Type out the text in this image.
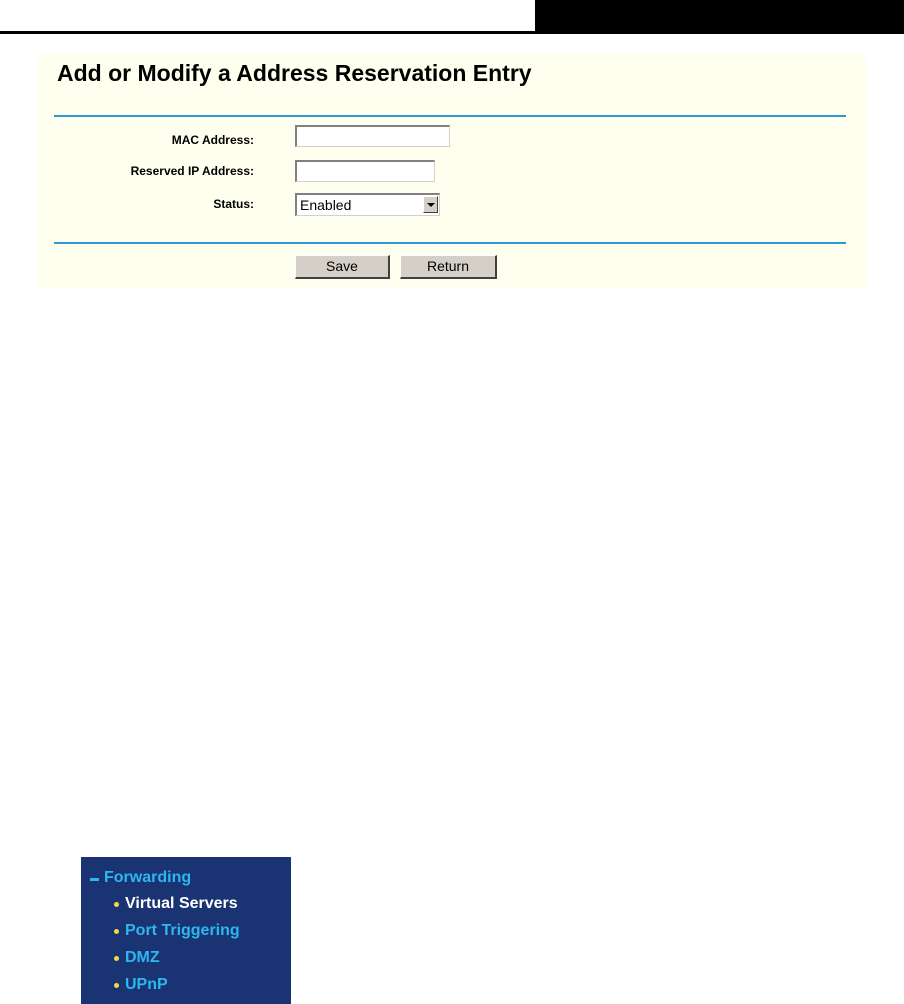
Add or Modify a Address Reservation Entry
MAC Address:
Reserved IP Address:
Status:	Enabled
Save	Return
Forwarding
Virtual Servers
Port Triggering
DMZ
UPnP
